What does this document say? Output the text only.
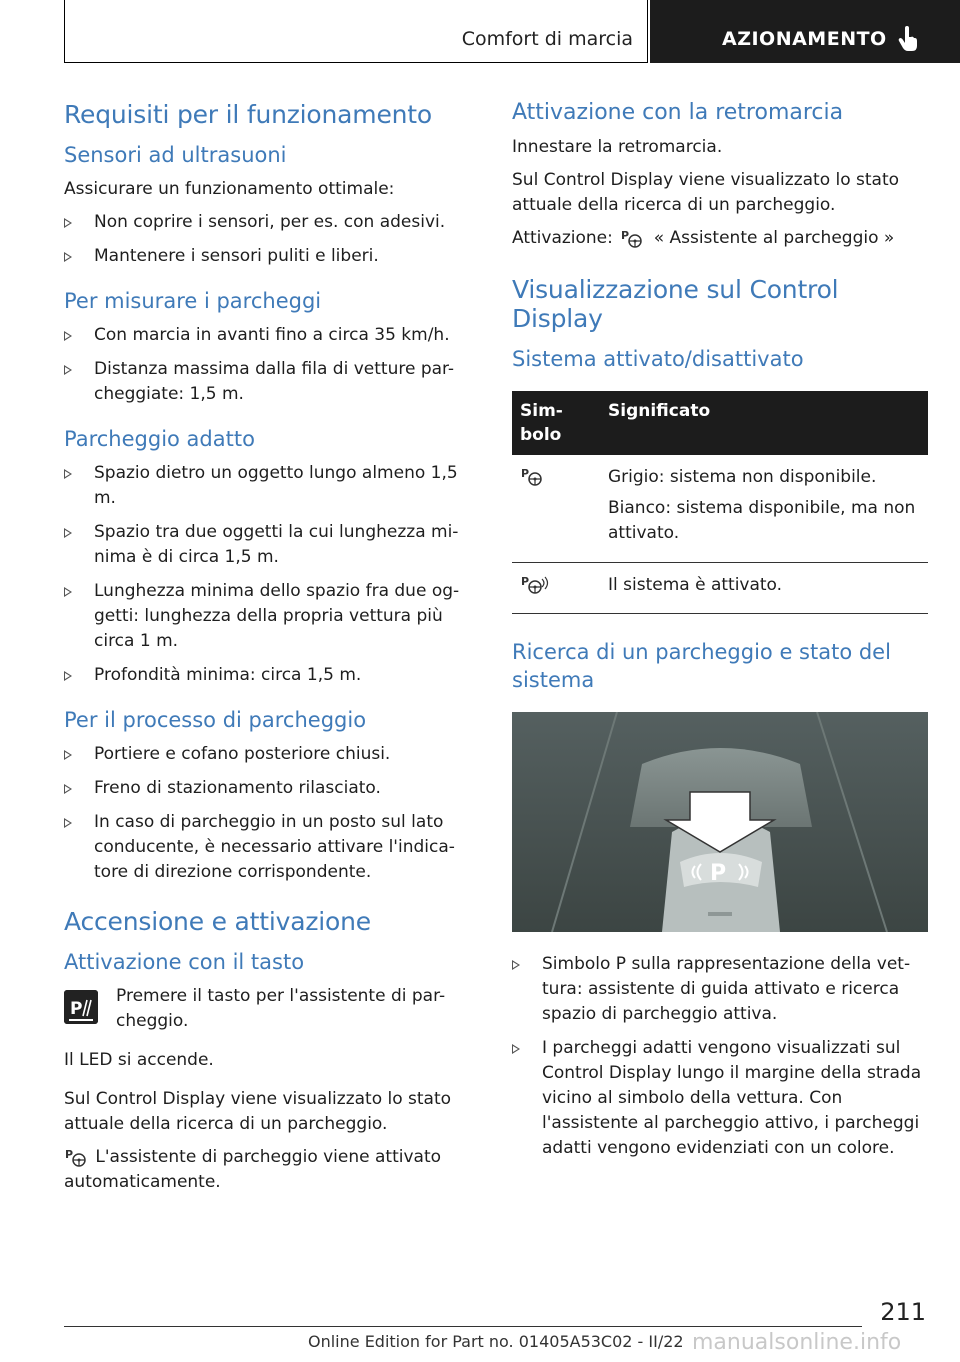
Comfort di marcia	AZIONAMENTO
Requisiti per il funzionamento
Sensori ad ultrasuoni

Assicurare un funzionamento ottimale:

Non coprire i sensori, per es. con adesivi.
Mantenere i sensori puliti e liberi.
Per misurare i parcheggi
Con marcia in avanti fino a circa 35 km/h.
Distanza massima dalla fila di vetture par-cheggiate: 1,5 m.
Parcheggio adatto
Spazio dietro un oggetto lungo almeno 1,5 m.
Spazio tra due oggetti la cui lunghezza mi-nima è di circa 1,5 m.
Lunghezza minima dello spazio fra due og-getti: lunghezza della propria vettura più circa 1 m.
Profondità minima: circa 1,5 m.
Per il processo di parcheggio
Portiere e cofano posteriore chiusi.
Freno di stazionamento rilasciato.
In caso di parcheggio in un posto sul lato conducente, è necessario attivare l'indica-tore di direzione corrispondente.
Accensione e attivazione
Attivazione con il tasto
P

Premere il tasto per l'assistente di par-cheggio.

Il LED si accende.

Sul Control Display viene visualizzato lo stato attuale della ricerca di un parcheggio.

P L'assistente di parcheggio viene attivato automaticamente.

Attivazione con la retromarcia

Innestare la retromarcia.

Sul Control Display viene visualizzato lo stato attuale della ricerca di un parcheggio.

Attivazione: P « Assistente al parcheggio »

Visualizzazione sul Control Display
Sistema attivato/disattivato
Sim-bolo	Significato

P	Grigio: sistema non disponibile.

Bianco: sistema disponibile, ma non attivato.

P	Il sistema è attivato.
Ricerca di un parcheggio e stato del sistema
P
Simbolo P sulla rappresentazione della vet-tura: assistente di guida attivato e ricerca spazio di parcheggio attiva.
I parcheggi adatti vengono visualizzati sul Control Display lungo il margine della strada vicino al simbolo della vettura. Con l'assistente al parcheggio attivo, i parcheggi adatti vengono evidenziati con un colore.
211
Online Edition for Part no. 01405A53C02 - II/22 manualsonline.info
